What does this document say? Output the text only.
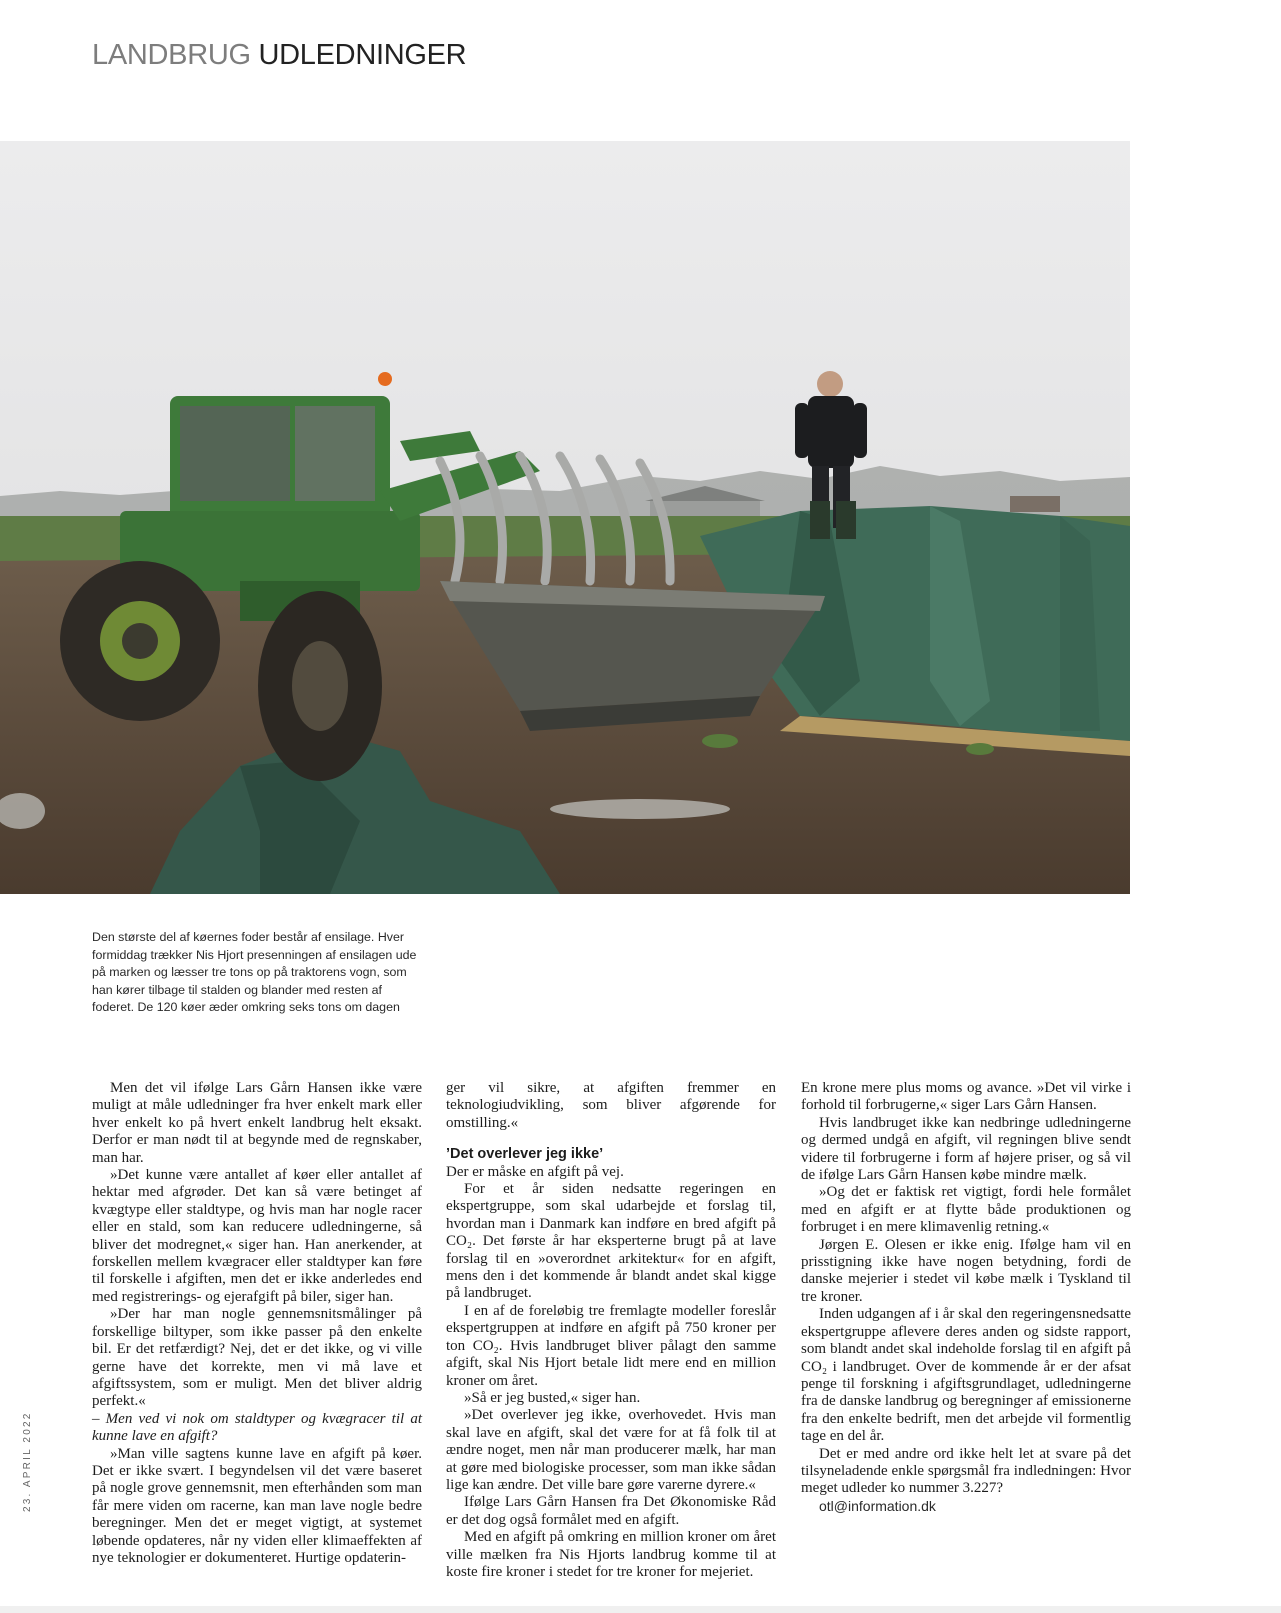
LANDBRUG UDLEDNINGER
Den største del af køernes foder består af ensilage. Hver formiddag trækker Nis Hjort presenningen af ensilagen ude på marken og læsser tre tons op på traktorens vogn, som han kører tilbage til stalden og blander med resten af foderet. De 120 køer æder omkring seks tons om dagen

Men det vil ifølge Lars Gårn Hansen ikke være muligt at måle udledninger fra hver enkelt mark eller hver enkelt ko på hvert enkelt landbrug helt eksakt. Derfor er man nødt til at begynde med de regnskaber, man har.

»Det kunne være antallet af køer eller antallet af hektar med afgrøder. Det kan så være betinget af kvægtype eller staldtype, og hvis man har nogle racer eller en stald, som kan reducere udledningerne, så bliver det modregnet,« siger han. Han anerkender, at forskellen mellem kvægracer eller staldtyper kan føre til forskelle i afgiften, men det er ikke anderledes end med registrerings- og ejerafgift på biler, siger han.

»Der har man nogle gennemsnitsmålinger på forskellige biltyper, som ikke passer på den enkelte bil. Er det retfærdigt? Nej, det er det ikke, og vi ville gerne have det korrekte, men vi må lave et afgiftssystem, som er muligt. Men det bliver aldrig perfekt.«

– Men ved vi nok om staldtyper og kvægracer til at kunne lave en afgift?

»Man ville sagtens kunne lave en afgift på køer. Det er ikke svært. I begyndelsen vil det være baseret på nogle grove gennemsnit, men efterhånden som man får mere viden om racerne, kan man lave nogle bedre beregninger. Men det er meget vigtigt, at systemet løbende opdateres, når ny viden eller klimaeffekten af nye teknologier er dokumenteret. Hurtige opdaterin-

ger vil sikre, at afgiften fremmer en teknologiudvikling, som bliver afgørende for omstilling.«

’Det overlever jeg ikke’

Der er måske en afgift på vej.

For et år siden nedsatte regeringen en ekspertgruppe, som skal udarbejde et forslag til, hvordan man i Danmark kan indføre en bred afgift på CO₂. Det første år har eksperterne brugt på at lave forslag til en »overordnet arkitektur« for en afgift, mens den i det kommende år blandt andet skal kigge på landbruget.

I en af de foreløbig tre fremlagte modeller foreslår ekspertgruppen at indføre en afgift på 750 kroner per ton CO₂. Hvis landbruget bliver pålagt den samme afgift, skal Nis Hjort betale lidt mere end en million kroner om året.

»Så er jeg busted,« siger han.

»Det overlever jeg ikke, overhovedet. Hvis man skal lave en afgift, skal det være for at få folk til at ændre noget, men når man producerer mælk, har man at gøre med biologiske processer, som man ikke sådan lige kan ændre. Det ville bare gøre varerne dyrere.«

Ifølge Lars Gårn Hansen fra Det Økonomiske Råd er det dog også formålet med en afgift.

Med en afgift på omkring en million kroner om året ville mælken fra Nis Hjorts landbrug komme til at koste fire kroner i stedet for tre kroner for mejeriet.

En krone mere plus moms og avance. »Det vil virke i forhold til forbrugerne,« siger Lars Gårn Hansen.

Hvis landbruget ikke kan nedbringe udledningerne og dermed undgå en afgift, vil regningen blive sendt videre til forbrugerne i form af højere priser, og så vil de ifølge Lars Gårn Hansen købe mindre mælk.

»Og det er faktisk ret vigtigt, fordi hele formålet med en afgift er at flytte både produktionen og forbruget i en mere klimavenlig retning.«

Jørgen E. Olesen er ikke enig. Ifølge ham vil en prisstigning ikke have nogen betydning, fordi de danske mejerier i stedet vil købe mælk i Tyskland til tre kroner.

Inden udgangen af i år skal den regeringensnedsatte ekspertgruppe aflevere deres anden og sidste rapport, som blandt andet skal indeholde forslag til en afgift på CO₂ i landbruget. Over de kommende år er der afsat penge til forskning i afgiftsgrundlaget, udledningerne fra de danske landbrug og beregninger af emissionerne fra den enkelte bedrift, men det arbejde vil formentlig tage en del år.

Det er med andre ord ikke helt let at svare på det tilsyneladende enkle spørgsmål fra indledningen: Hvor meget udleder ko nummer 3.227?

otl@information.dk

23. APRIL 2022
